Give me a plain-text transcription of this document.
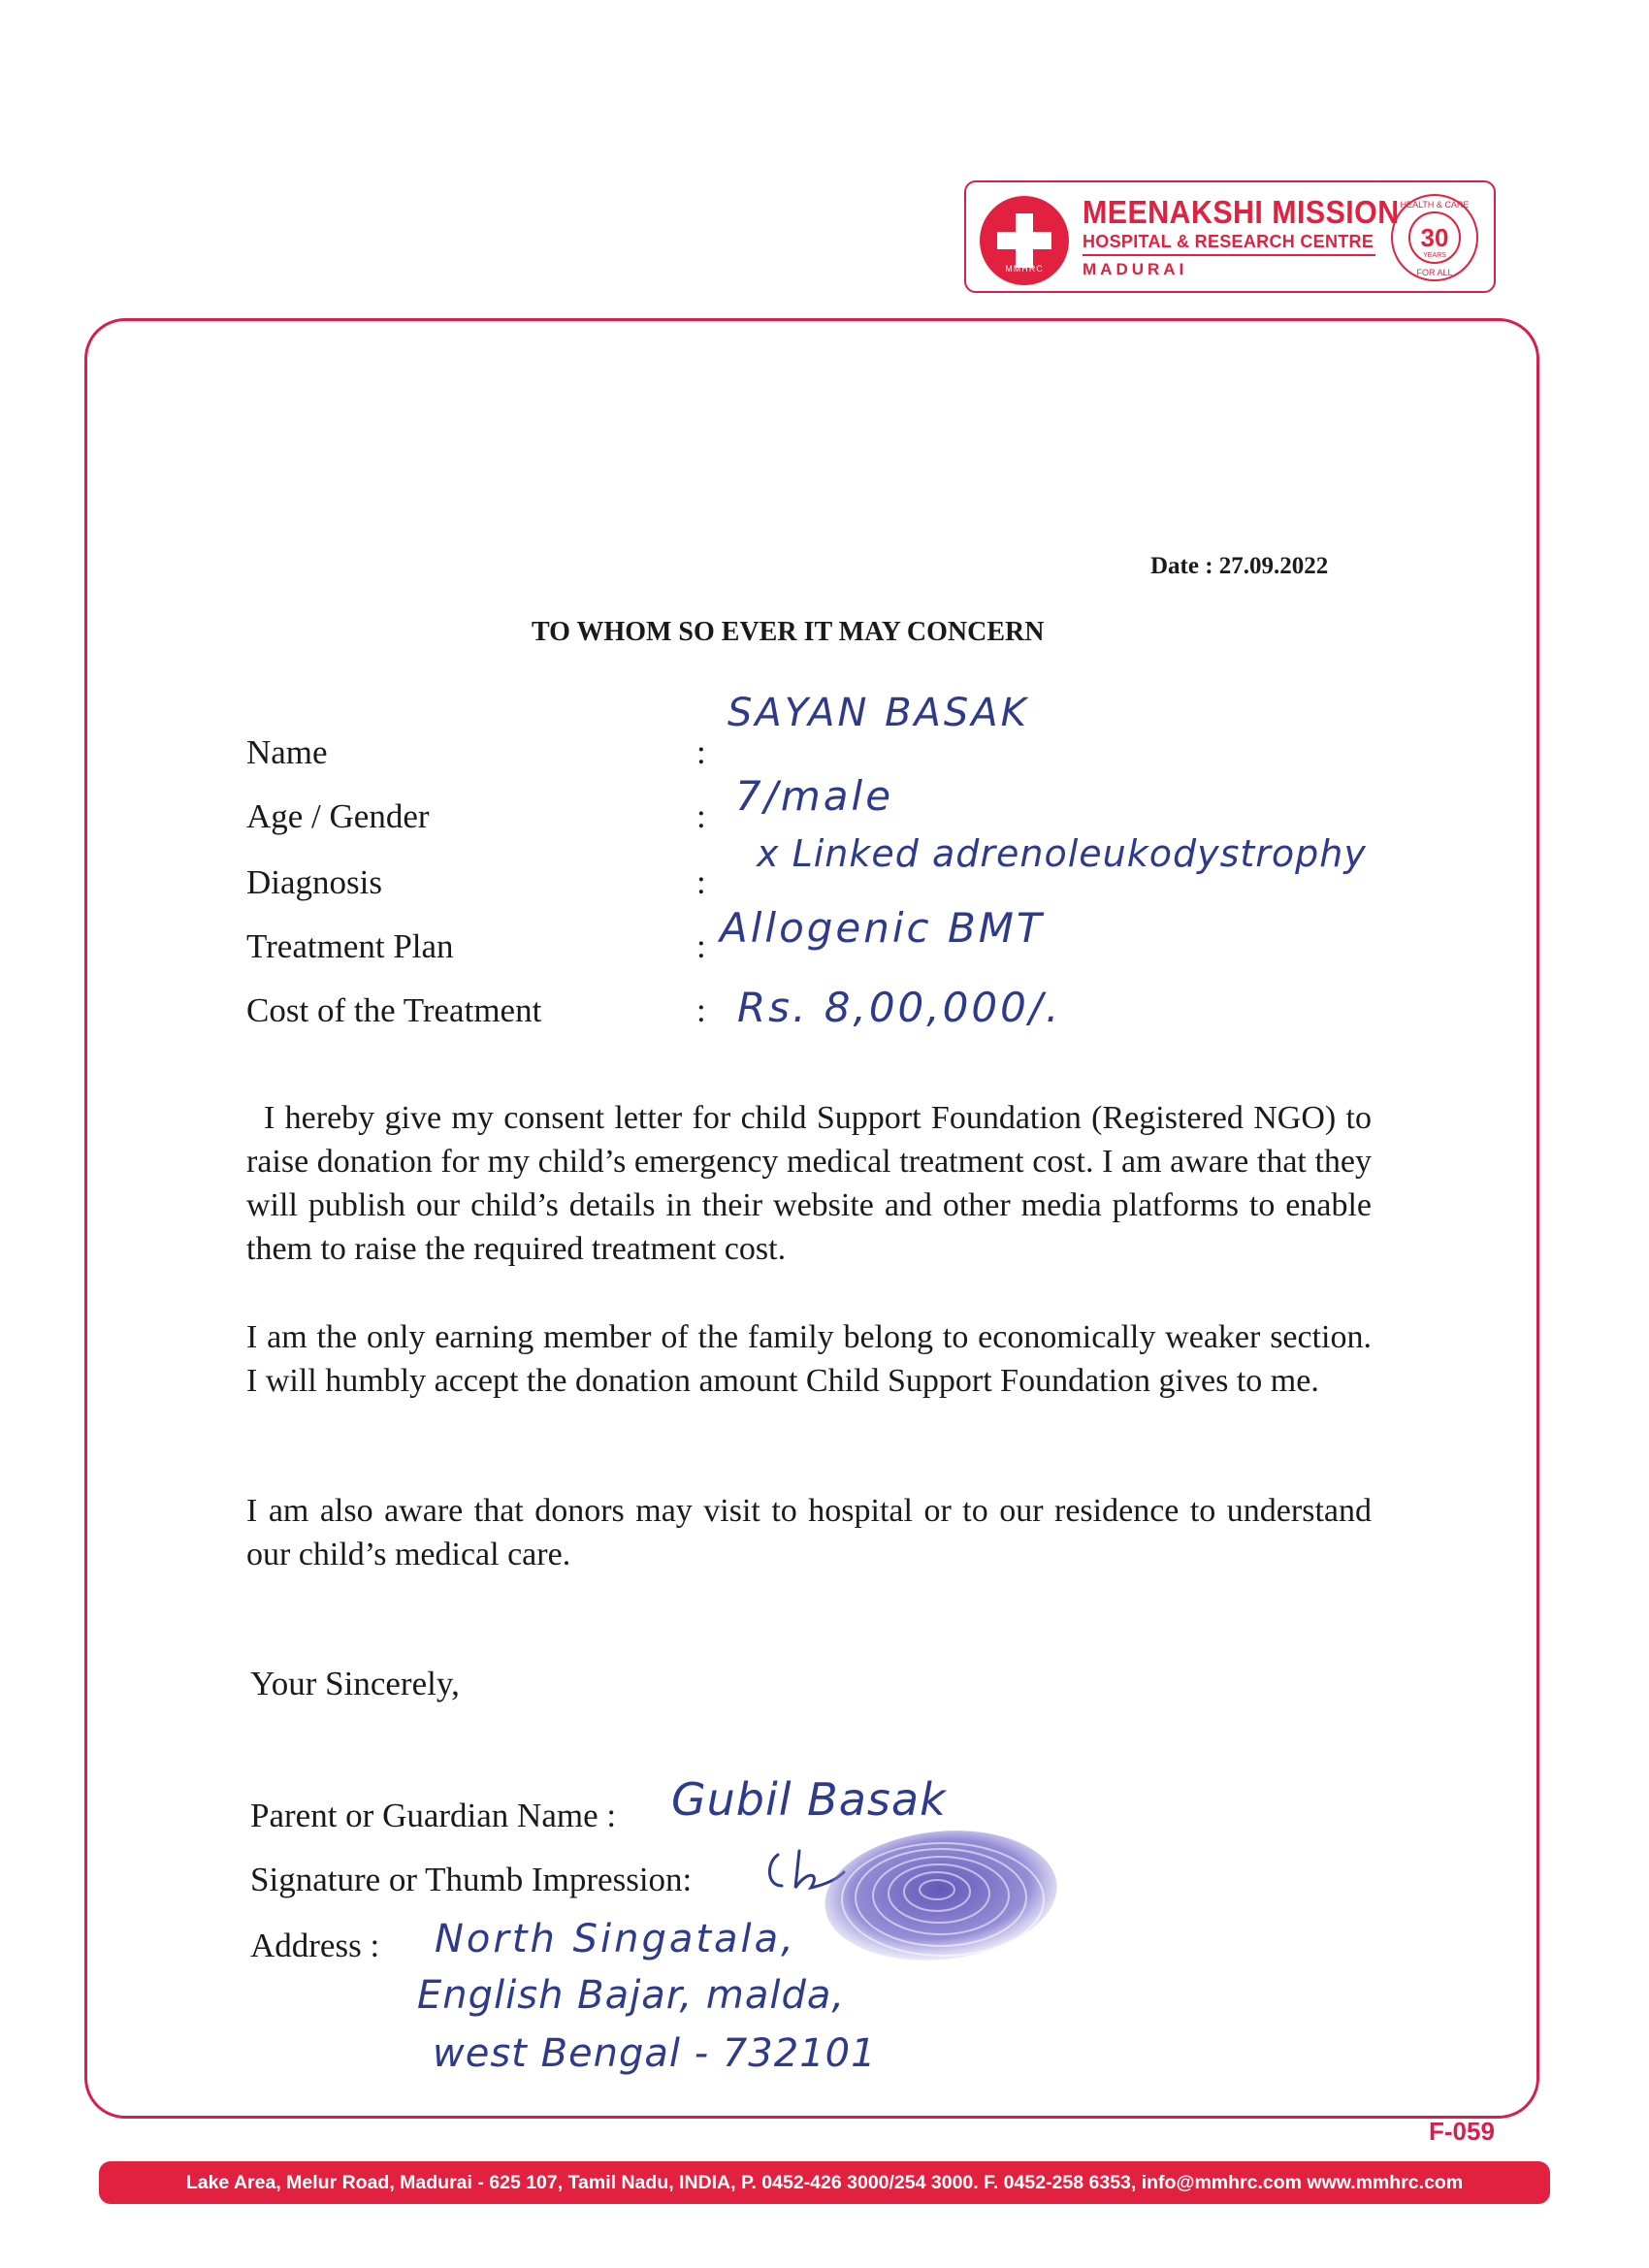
MMHRC
MEENAKSHI MISSION
HOSPITAL & RESEARCH CENTRE
MADURAI
30
YEARS
HEALTH & CARE
FOR ALL
Date : 27.09.2022
TO WHOM SO EVER IT MAY CONCERN
Name	:
SAYAN BASAK
Age / Gender	: 7/male
Diagnosis	:
x Linked adrenoleukodystrophy
Treatment Plan	: Allogenic BMT
Cost of the Treatment	: Rs. 8,00,000/.
I hereby give my consent letter for child Support Foundation (Registered NGO) to raise donation for my child’s emergency medical treatment cost. I am aware that they will publish our child’s details in their website and other media platforms to enable them to raise the required treatment cost.
I am the only earning member of the family belong to economically weaker section. I will humbly accept the donation amount Child Support Foundation gives to me.
I am also aware that donors may visit to hospital or to our residence to understand our child’s medical care.
Your Sincerely,
Parent or Guardian Name : Gubil Basak
Signature or Thumb Impression:
Address : North Singatala,
English Bajar, malda,
west Bengal - 732101
F-059
Lake Area, Melur Road, Madurai - 625 107, Tamil Nadu, INDIA, P. 0452-426 3000/254 3000. F. 0452-258 6353, info@mmhrc.com www.mmhrc.com
